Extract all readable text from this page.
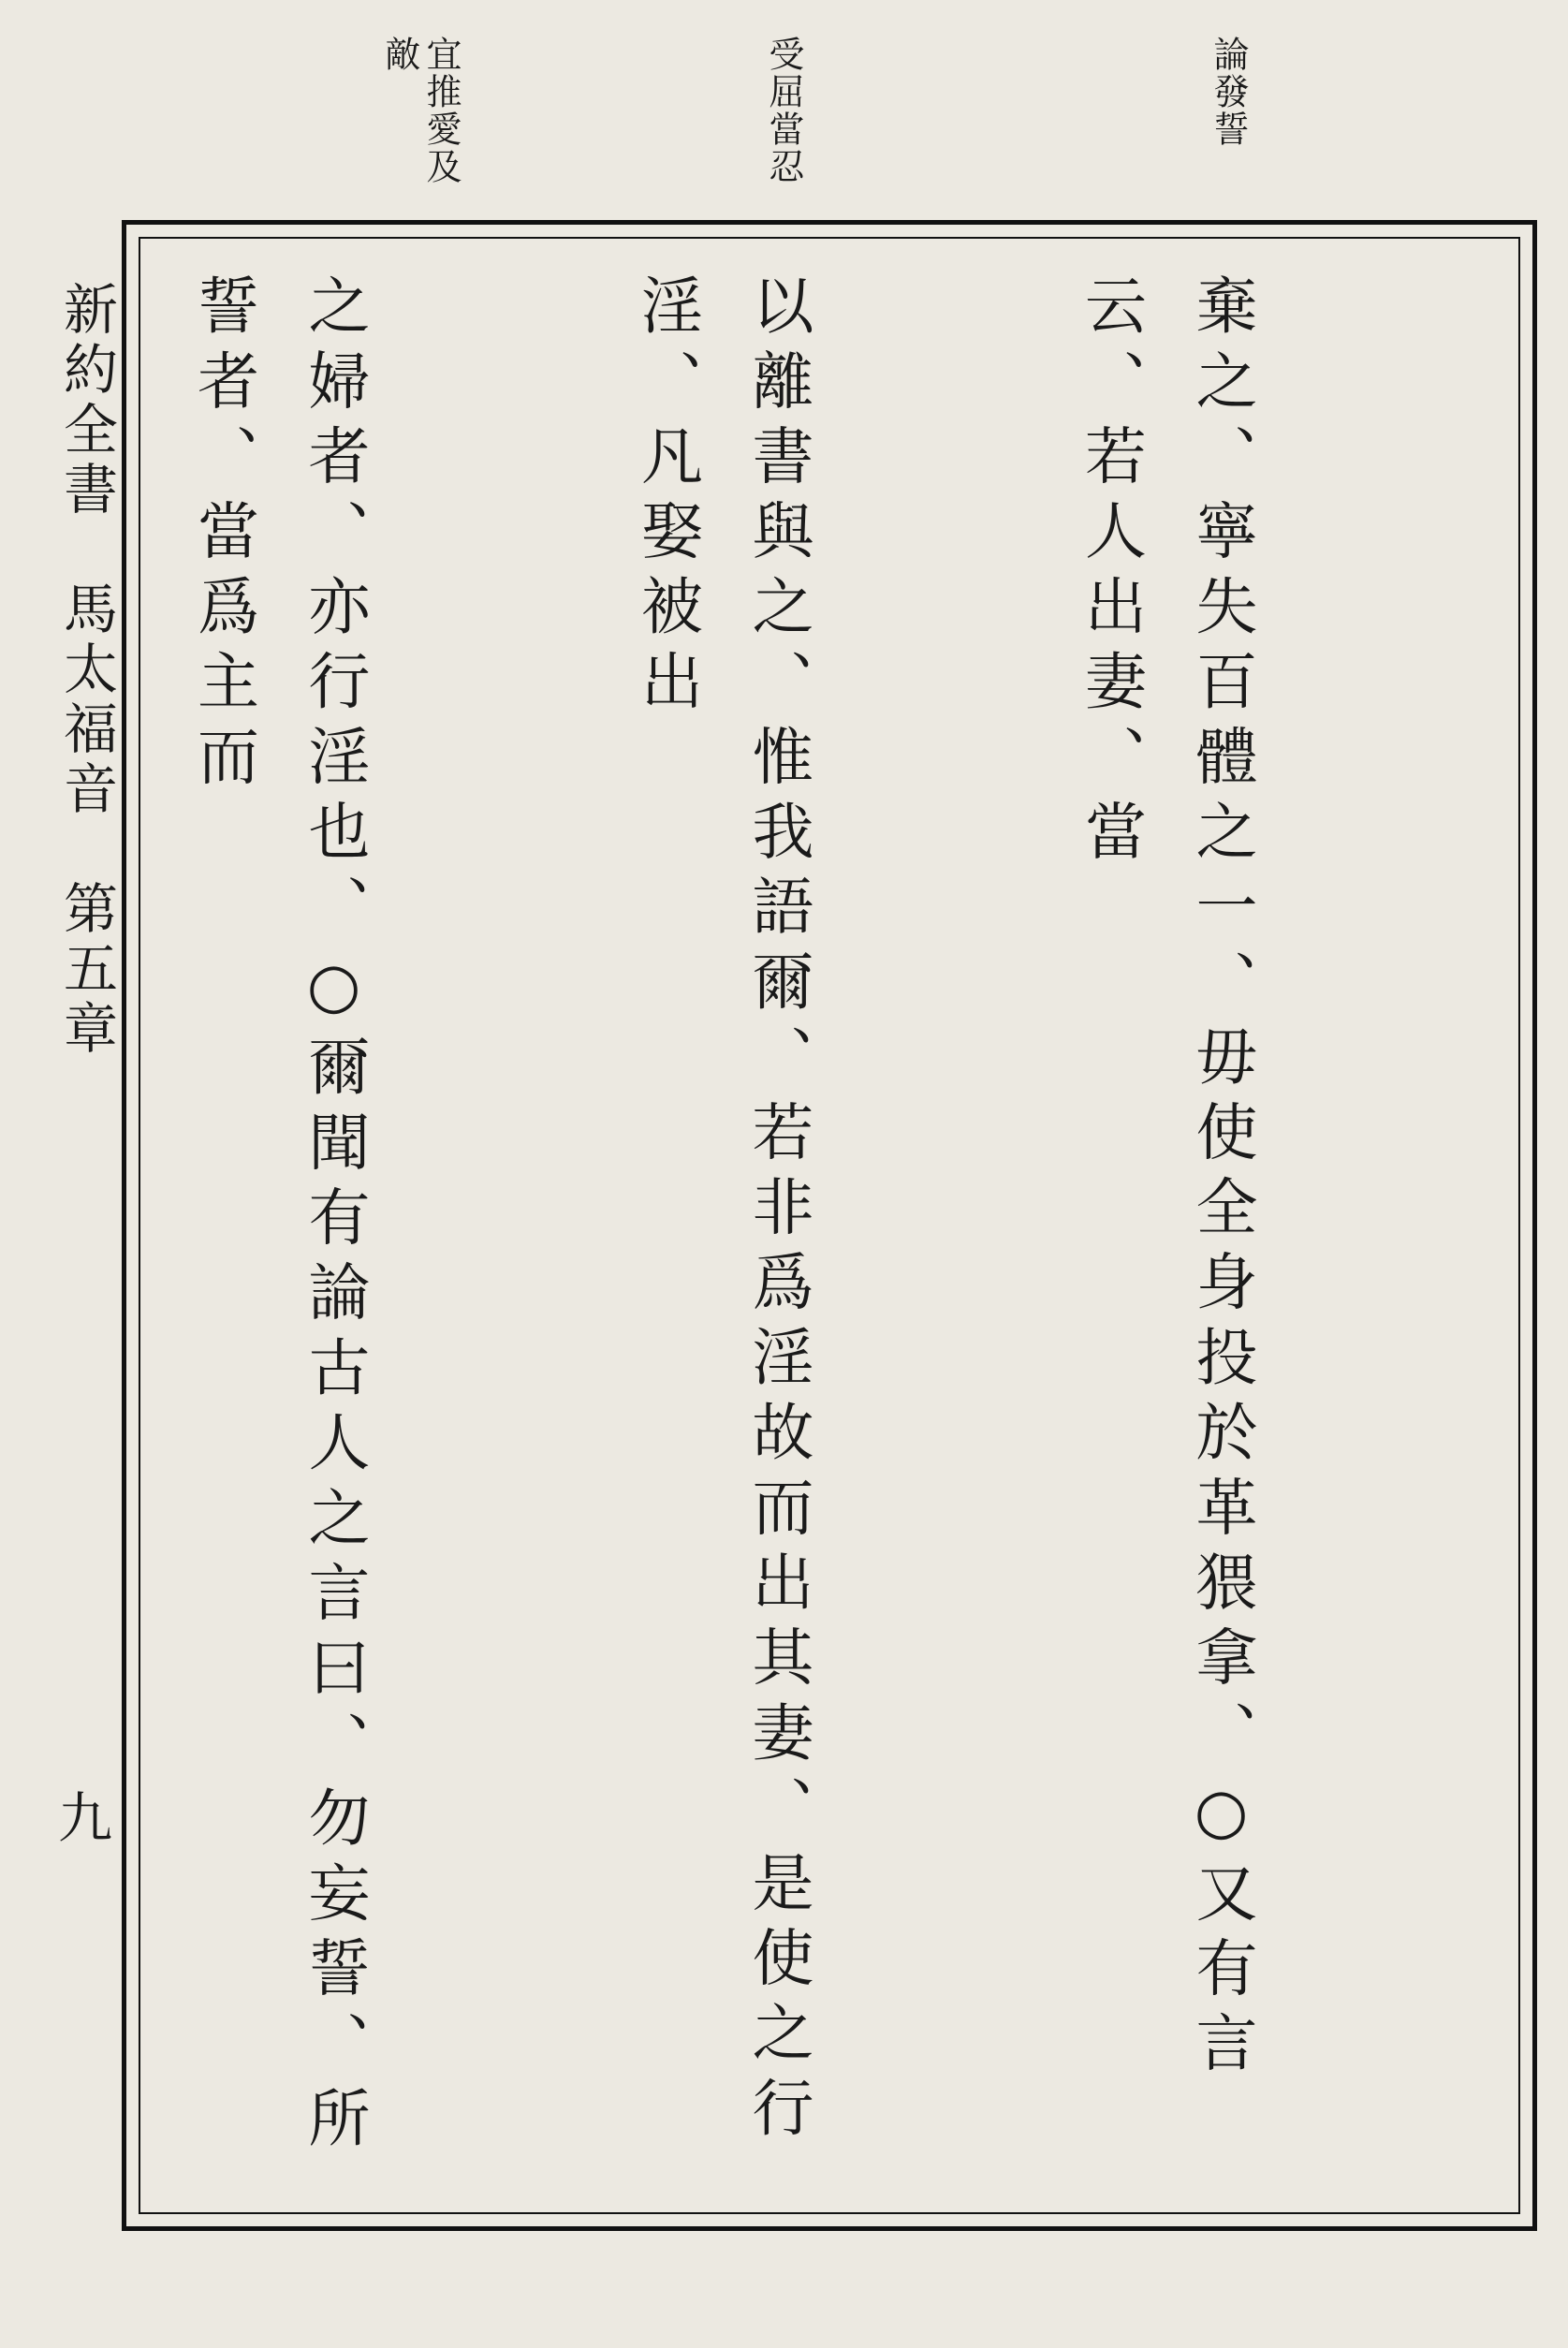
論發誓
受屈當忍
宜推愛及
敵
新約全書　馬太福音　第五章
九

	棄之、寧失百體之一、毋使全身投於革猥拿、○又有言云、若人出妻、當

以離書與之、惟我語爾、若非爲淫故而出其妻、是使之行淫、凡娶被出

之婦者、亦行淫也、○爾聞有論古人之言曰、勿妄誓、所誓者、當爲主而
